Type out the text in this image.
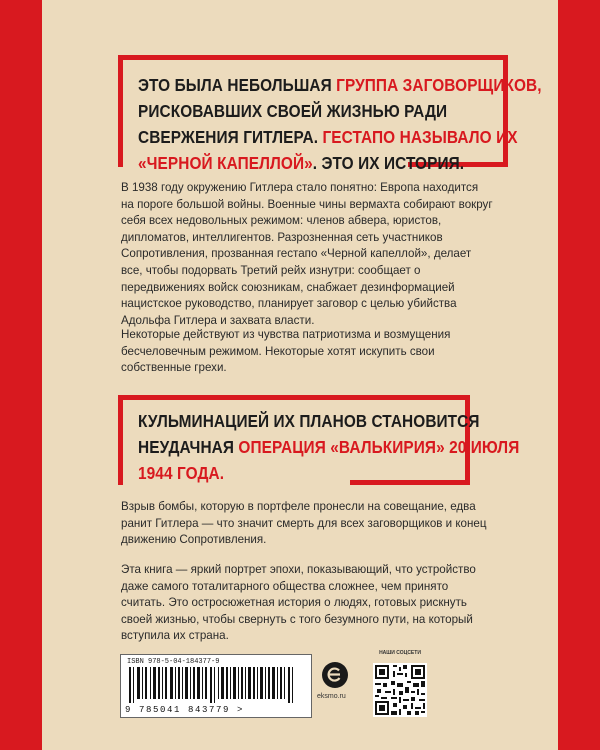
ЭТО БЫЛА НЕБОЛЬШАЯ ГРУППА ЗАГОВОРЩИКОВ,
РИСКОВАВШИХ СВОЕЙ ЖИЗНЬЮ РАДИ
СВЕРЖЕНИЯ ГИТЛЕРА. ГЕСТАПО НАЗЫВАЛО ИХ
«ЧЕРНОЙ КАПЕЛЛОЙ». ЭТО ИХ ИСТОРИЯ.

В 1938 году окружению Гитлера стало понятно: Европа находится на пороге большой войны. Военные чины вермахта собирают вокруг себя всех недовольных режимом: членов абвера, юристов, дипломатов, интеллигентов. Разрозненная сеть участников Сопротивления, прозванная гестапо «Черной капеллой», делает все, чтобы подорвать Третий рейх изнутри: сообщает о передвижениях войск союзникам, снабжает дезинформацией нацистское руководство, планирует заговор с целью убийства Адольфа Гитлера и захвата власти.

Некоторые действуют из чувства патриотизма и возмущения бесчеловечным режимом. Некоторые хотят искупить свои собственные грехи.

КУЛЬМИНАЦИЕЙ ИХ ПЛАНОВ СТАНОВИТСЯ
НЕУДАЧНАЯ ОПЕРАЦИЯ «ВАЛЬКИРИЯ» 20 ИЮЛЯ
1944 ГОДА.

Взрыв бомбы, которую в портфеле пронесли на совещание, едва ранит Гитлера — что значит смерть для всех заговорщиков и конец движению Сопротивления.

Эта книга — яркий портрет эпохи, показывающий, что устройство даже самого тоталитарного общества сложнее, чем принято считать. Это остросюжетная история о людях, готовых рискнуть своей жизнью, чтобы свернуть с того безумного пути, на который вступила их страна.

ISBN 978-5-04-184377-9
9 785041 843779 >
eksmo.ru
НАШИ СОЦСЕТИ
